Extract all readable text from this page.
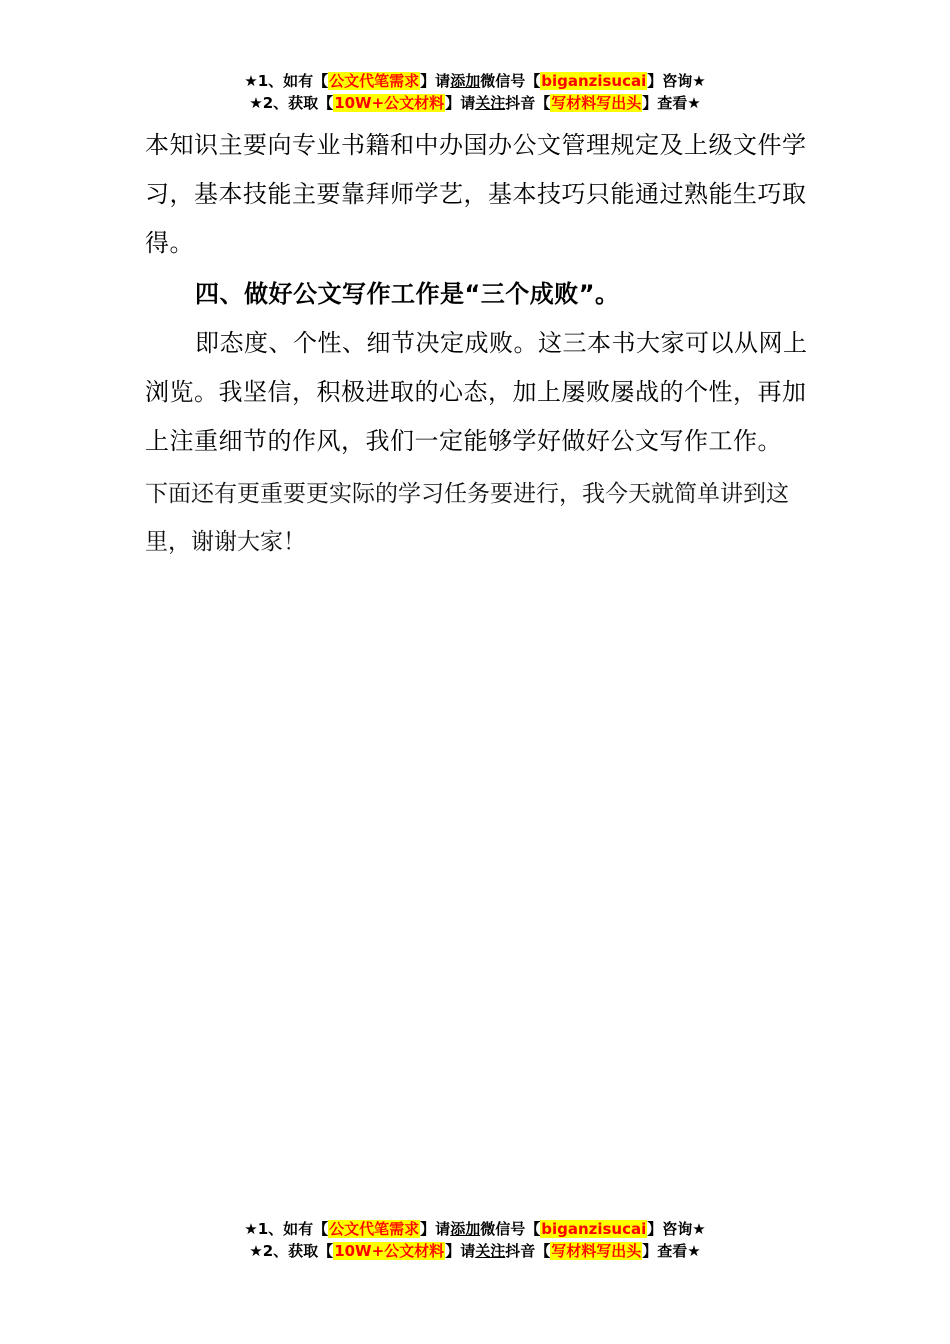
★1、如有【公文代笔需求】请添加微信号【biganzisucai】咨询★
★2、获取【10W+公文材料】请关注抖音【写材料写出头】查看★

本知识主要向专业书籍和中办国办公文管理规定及上级文件学习，基本技能主要靠拜师学艺，基本技巧只能通过熟能生巧取得。

四、做好公文写作工作是“三个成败”。

即态度、个性、细节决定成败。这三本书大家可以从网上浏览。我坚信，积极进取的心态，加上屡败屡战的个性，再加上注重细节的作风，我们一定能够学好做好公文写作工作。

下面还有更重要更实际的学习任务要进行，我今天就简单讲到这里，谢谢大家！

★1、如有【公文代笔需求】请添加微信号【biganzisucai】咨询★
★2、获取【10W+公文材料】请关注抖音【写材料写出头】查看★
